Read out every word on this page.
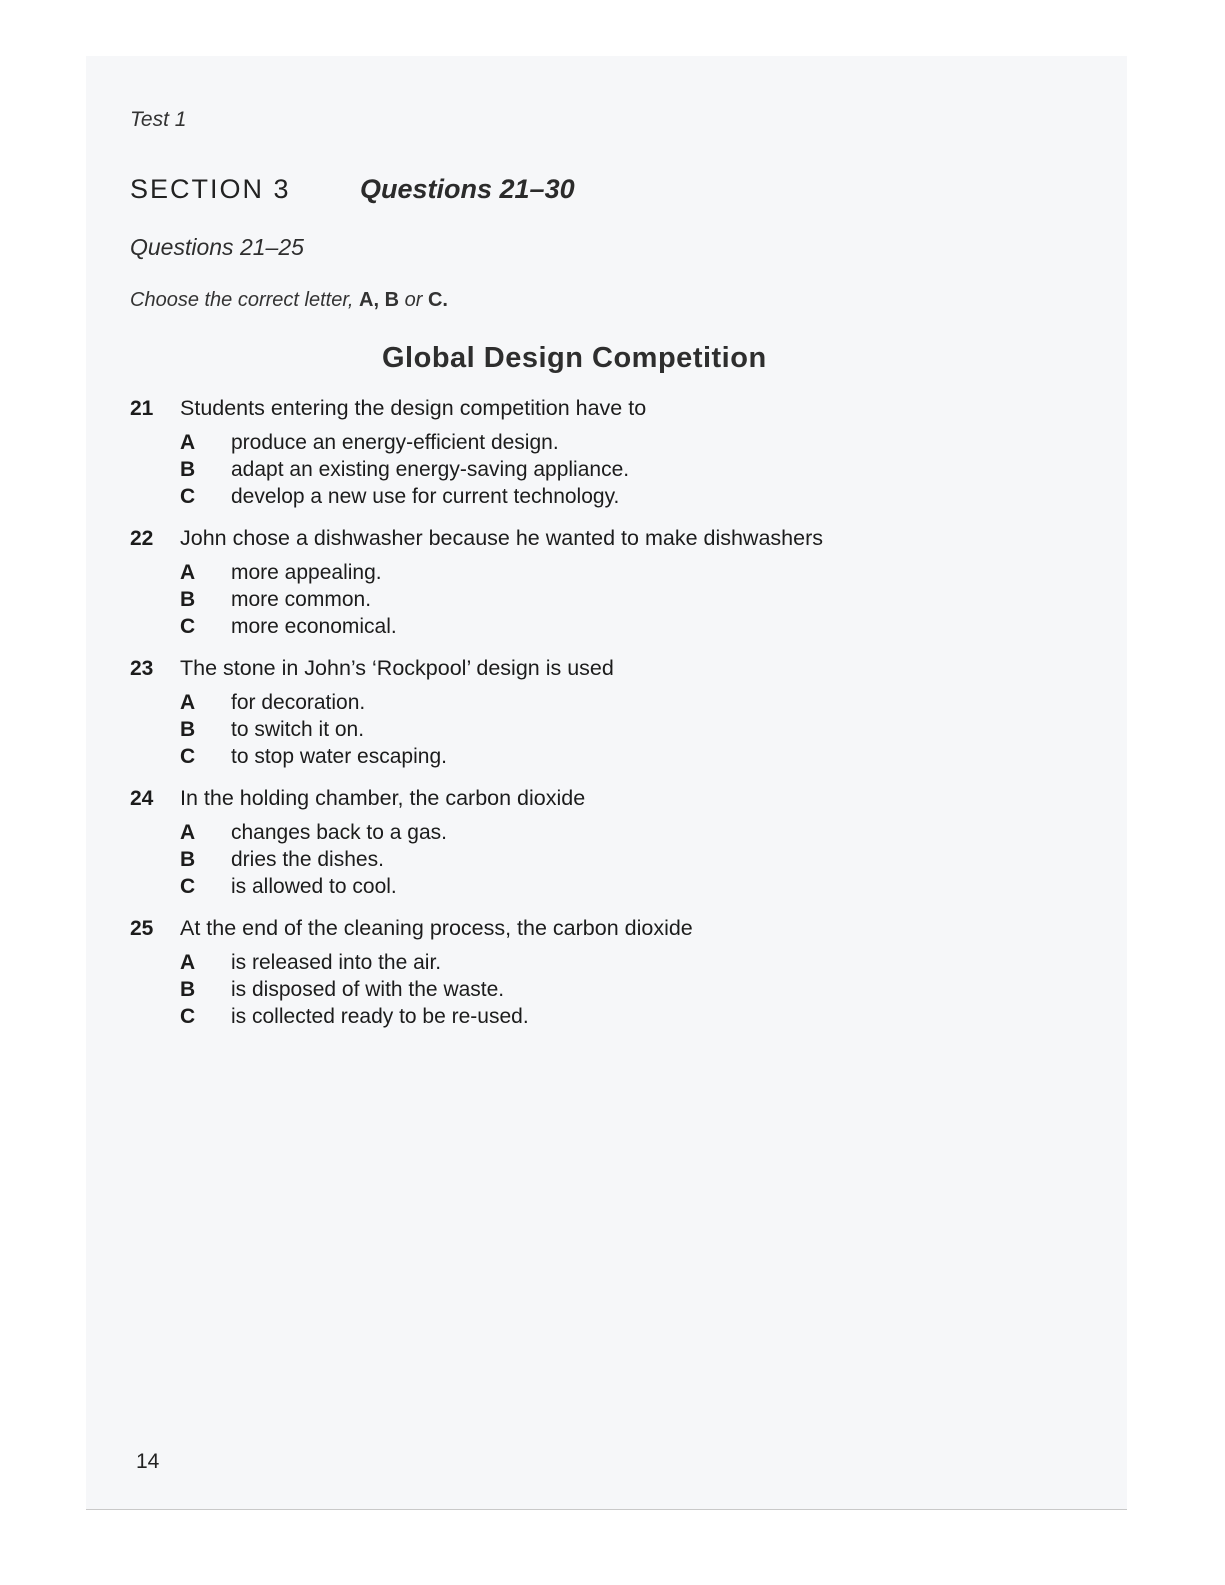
Test 1
SECTION 3	Questions 21–30
Questions 21–25
Choose the correct letter, A, B or C.
Global Design Competition
21	Students entering the design competition have to
A	produce an energy-efficient design.
B	adapt an existing energy-saving appliance.
C	develop a new use for current technology.
22	John chose a dishwasher because he wanted to make dishwashers
A	more appealing.
B	more common.
C	more economical.
23	The stone in John’s ‘Rockpool’ design is used
A	for decoration.
B	to switch it on.
C	to stop water escaping.
24	In the holding chamber, the carbon dioxide
A	changes back to a gas.
B	dries the dishes.
C	is allowed to cool.
25	At the end of the cleaning process, the carbon dioxide
A	is released into the air.
B	is disposed of with the waste.
C	is collected ready to be re-used.
14
